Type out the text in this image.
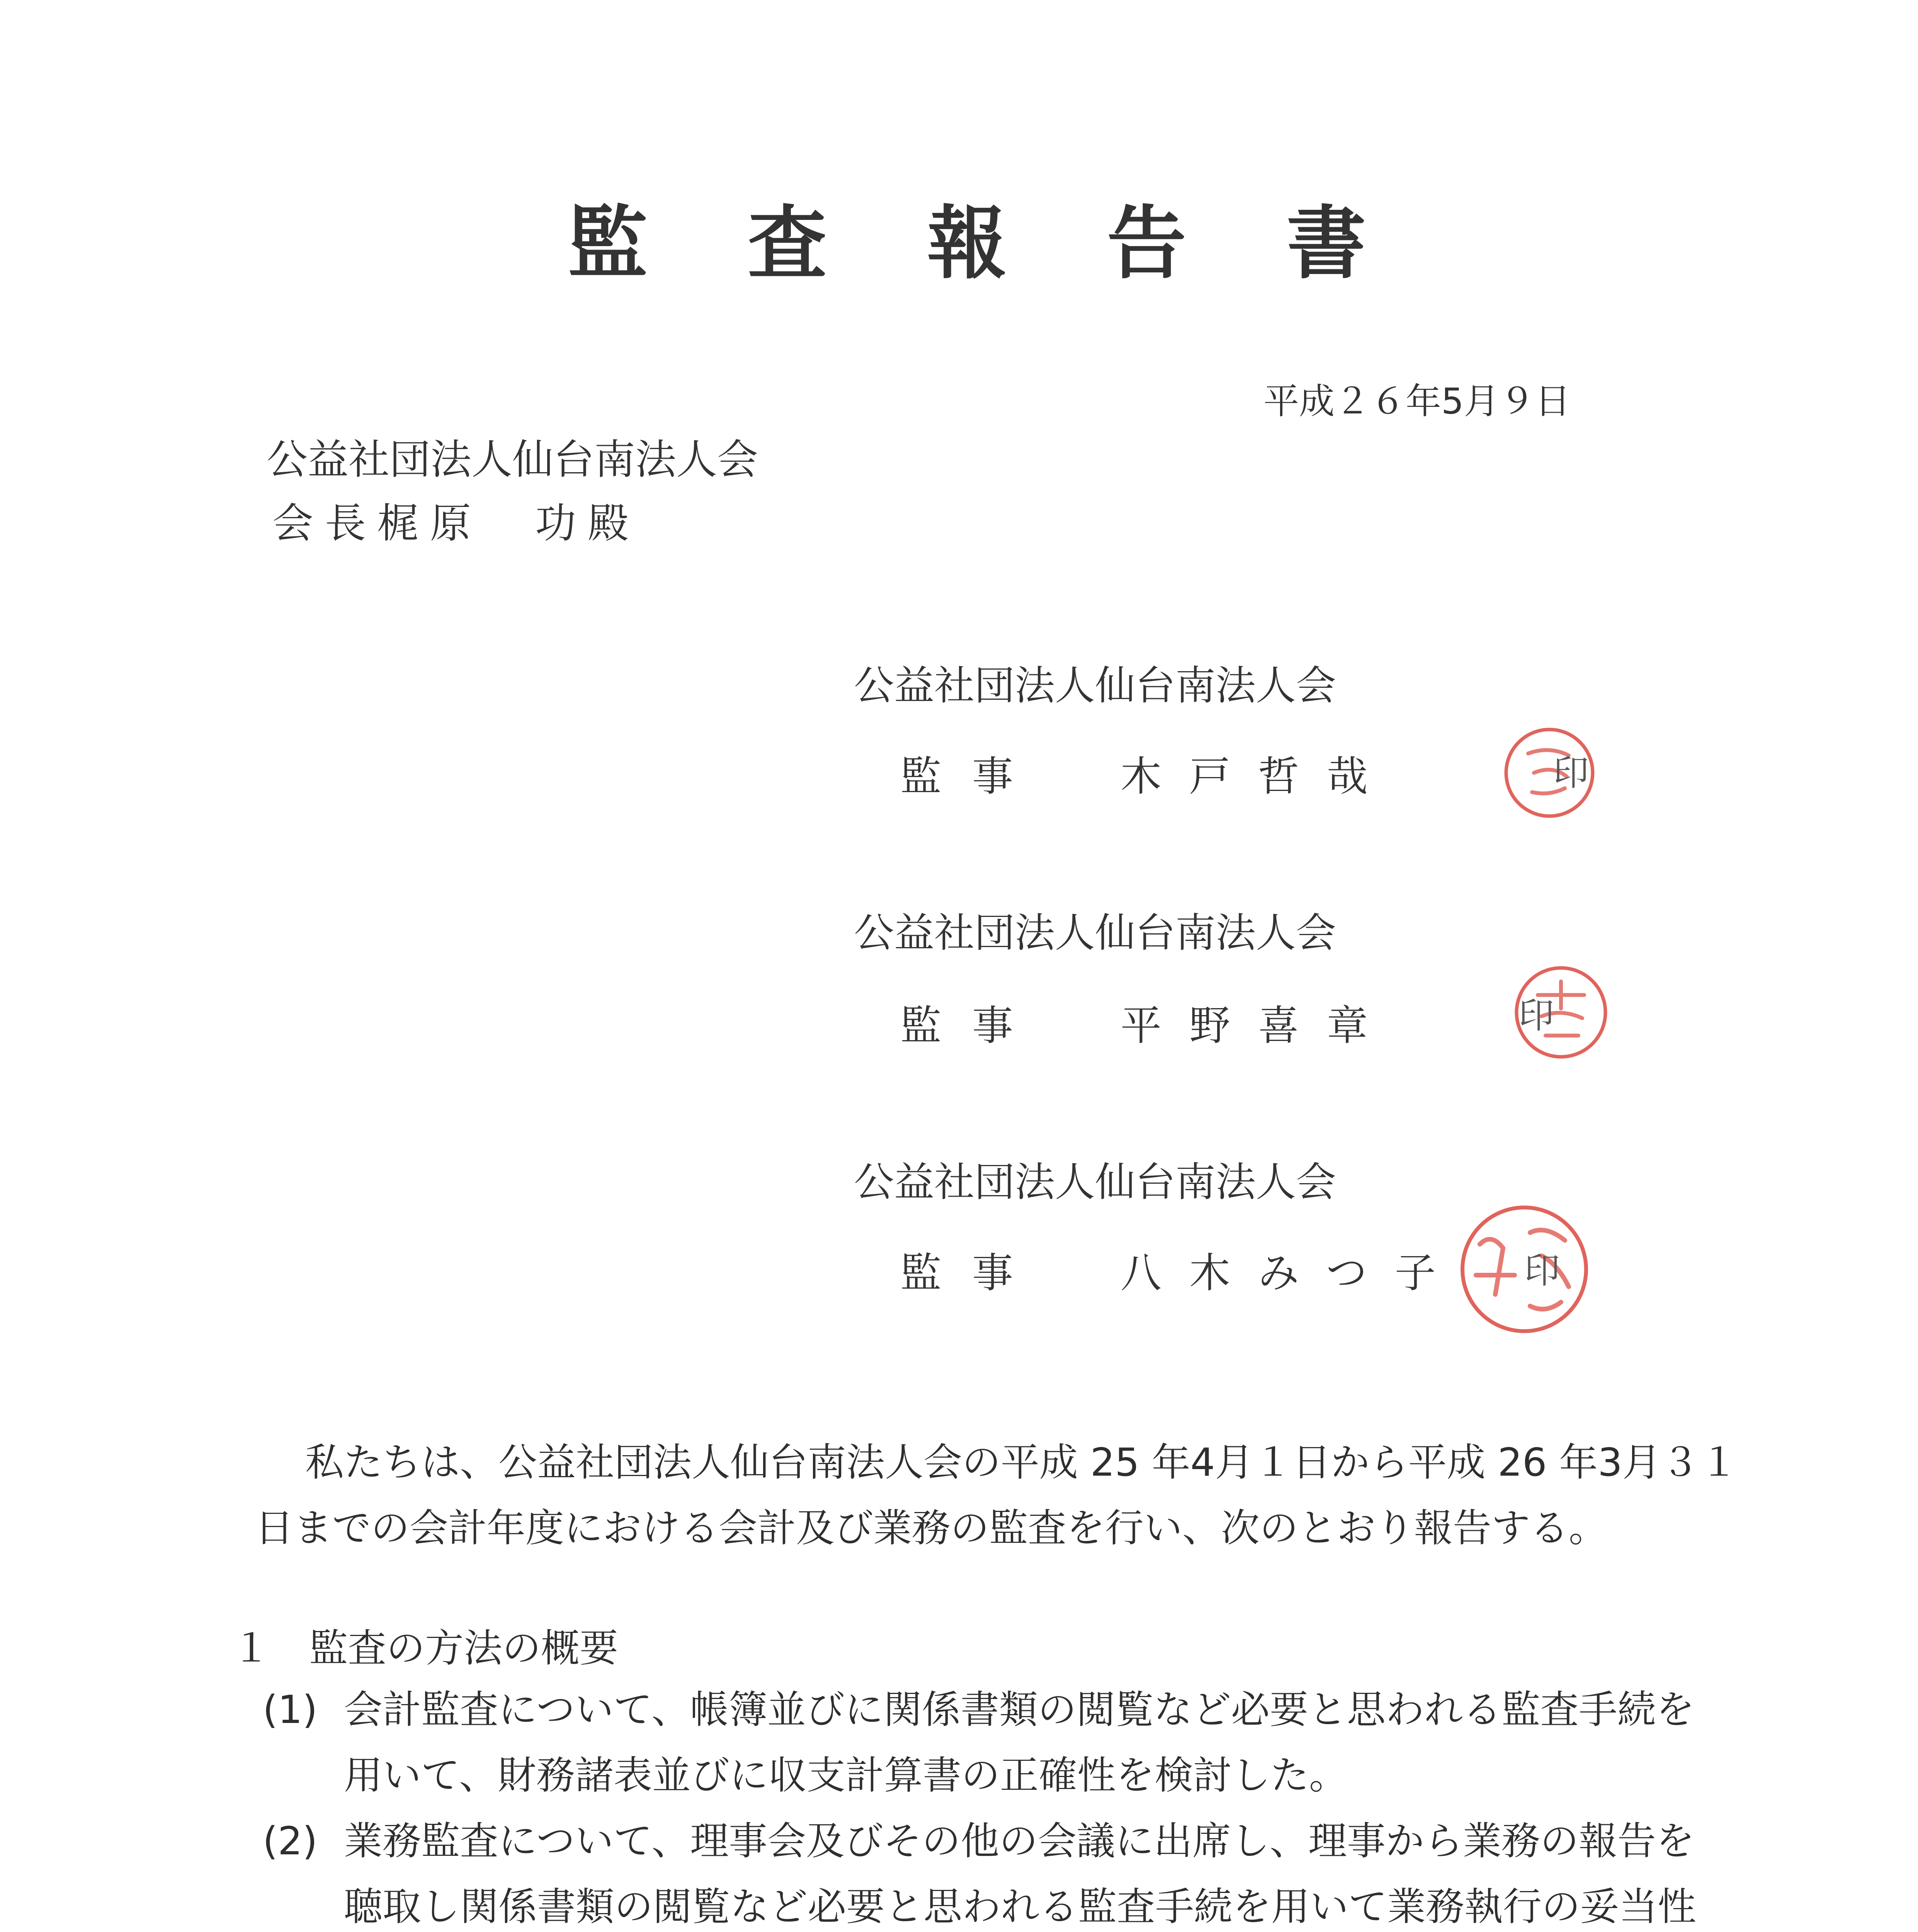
監査報告書
平成２６年5月９日
公益社団法人仙台南法人会
会長梶原　功殿
公益社団法人仙台南法人会
監事 木戸哲哉	印
公益社団法人仙台南法人会
監事 平野喜章	印
公益社団法人仙台南法人会
監事 八木みつ子 印

私たちは、公益社団法人仙台南法人会の平成 25 年4月１日から平成 26 年3月３１日までの会計年度における会計及び業務の監査を行い、次のとおり報告する。

１　監査の方法の概要
(1) 会計監査について、帳簿並びに関係書類の閲覧など必要と思われる監査手続を用いて、財務諸表並びに収支計算書の正確性を検討した。
(2) 業務監査について、理事会及びその他の会議に出席し、理事から業務の報告を聴取し関係書類の閲覧など必要と思われる監査手続を用いて業務執行の妥当性
